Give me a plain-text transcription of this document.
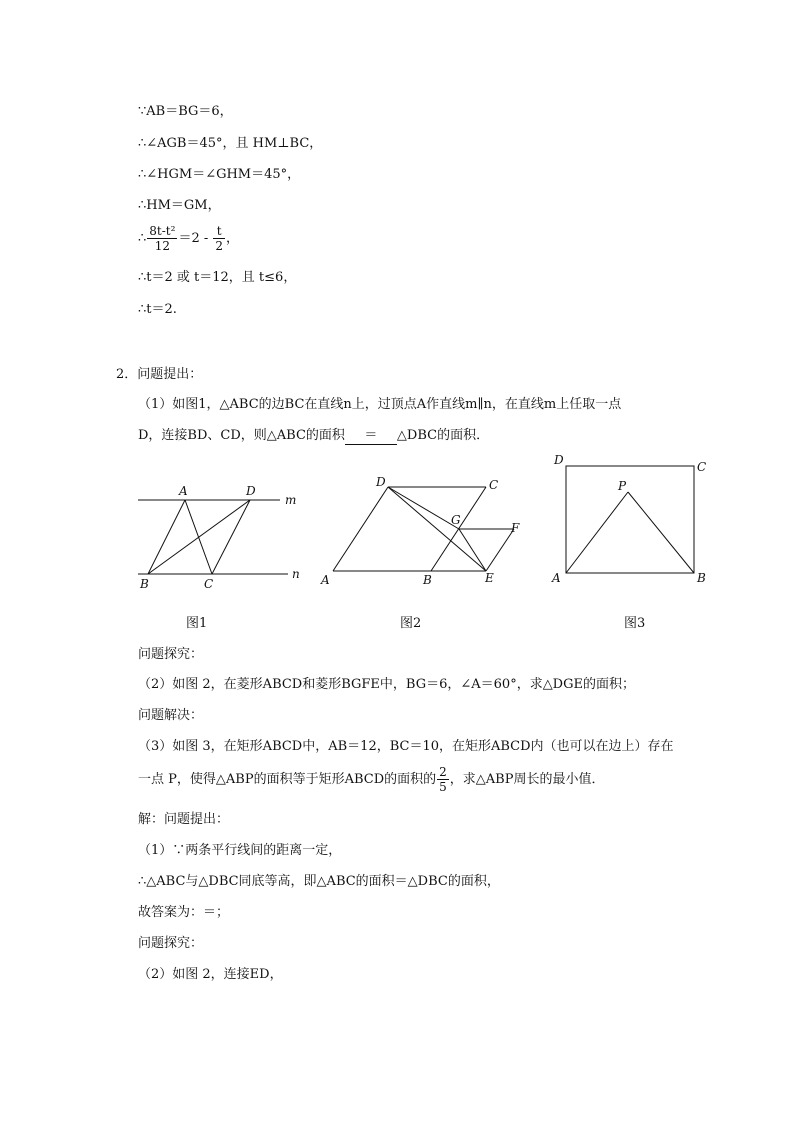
∵AB＝BG＝6，
∴∠AGB＝45°，且 HM⊥BC，
∴∠HGM＝∠GHM＝45°，
∴HM＝GM，
∴ $\frac{\text{8t-t²}}{12} =2 - \frac{t}{2}$ ，
∴t＝2 或 t＝12，且 t≤6，
∴t＝2.
2．问题提出：
（1）如图1，△ABC的边BC在直线n上，过顶点A作直线m∥n，在直线m上任取一点
D，连接BD、CD，则△ABC的面积 ＝ △DBC的面积．
A	D
m
B	C
n
D	C
G
F
A	B	E
D	C
P
A	B
图1	图2	图3
问题探究：
（2）如图 2，在菱形ABCD和菱形BGFE中，BG＝6，∠A＝60°，求△DGE的面积；
问题解决：
（3）如图 3，在矩形ABCD中，AB＝12，BC＝10，在矩形ABCD内（也可以在边上）存在
一点 P，使得△ABP的面积等于矩形ABCD的面积的 $\frac{2}{5}$ ，求△ABP周长的最小值．
解：问题提出：
（1）∵两条平行线间的距离一定，
∴△ABC与△DBC同底等高，即△ABC的面积＝△DBC的面积，
故答案为：＝；
问题探究：
（2）如图 2，连接ED，
